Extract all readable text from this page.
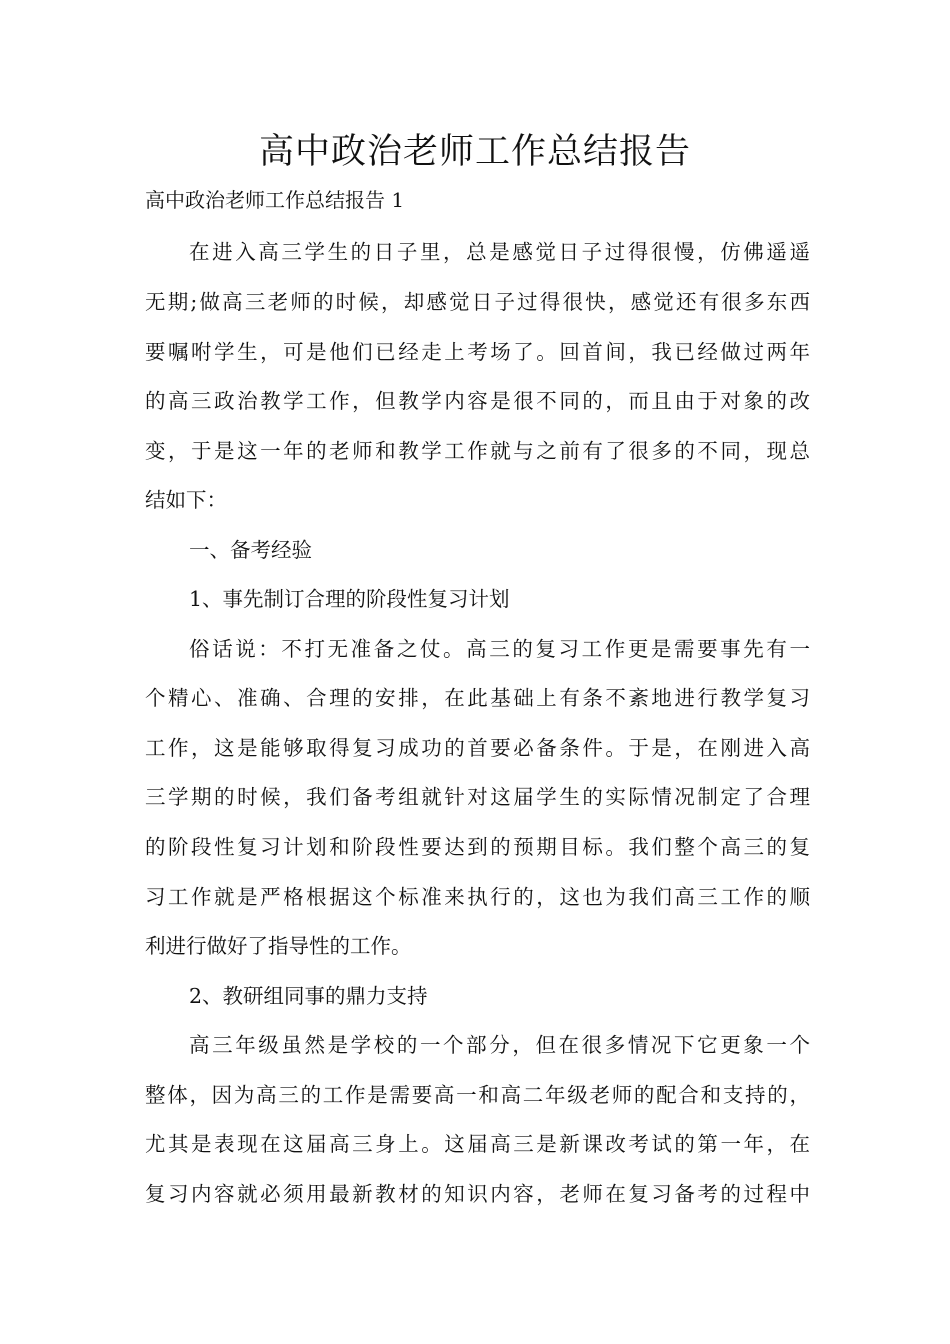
高中政治老师工作总结报告

高中政治老师工作总结报告 1

在进入高三学生的日子里，总是感觉日子过得很慢，仿佛遥遥

无期;做高三老师的时候，却感觉日子过得很快，感觉还有很多东西

要嘱咐学生，可是他们已经走上考场了。回首间，我已经做过两年

的高三政治教学工作，但教学内容是很不同的，而且由于对象的改

变，于是这一年的老师和教学工作就与之前有了很多的不同，现总

结如下：

一、备考经验

1、事先制订合理的阶段性复习计划

俗话说：不打无准备之仗。高三的复习工作更是需要事先有一

个精心、准确、合理的安排，在此基础上有条不紊地进行教学复习

工作，这是能够取得复习成功的首要必备条件。于是，在刚进入高

三学期的时候，我们备考组就针对这届学生的实际情况制定了合理

的阶段性复习计划和阶段性要达到的预期目标。我们整个高三的复

习工作就是严格根据这个标准来执行的，这也为我们高三工作的顺

利进行做好了指导性的工作。

2、教研组同事的鼎力支持

高三年级虽然是学校的一个部分，但在很多情况下它更象一个

整体，因为高三的工作是需要高一和高二年级老师的配合和支持的，

尤其是表现在这届高三身上。这届高三是新课改考试的第一年，在

复习内容就必须用最新教材的知识内容，老师在复习备考的过程中
